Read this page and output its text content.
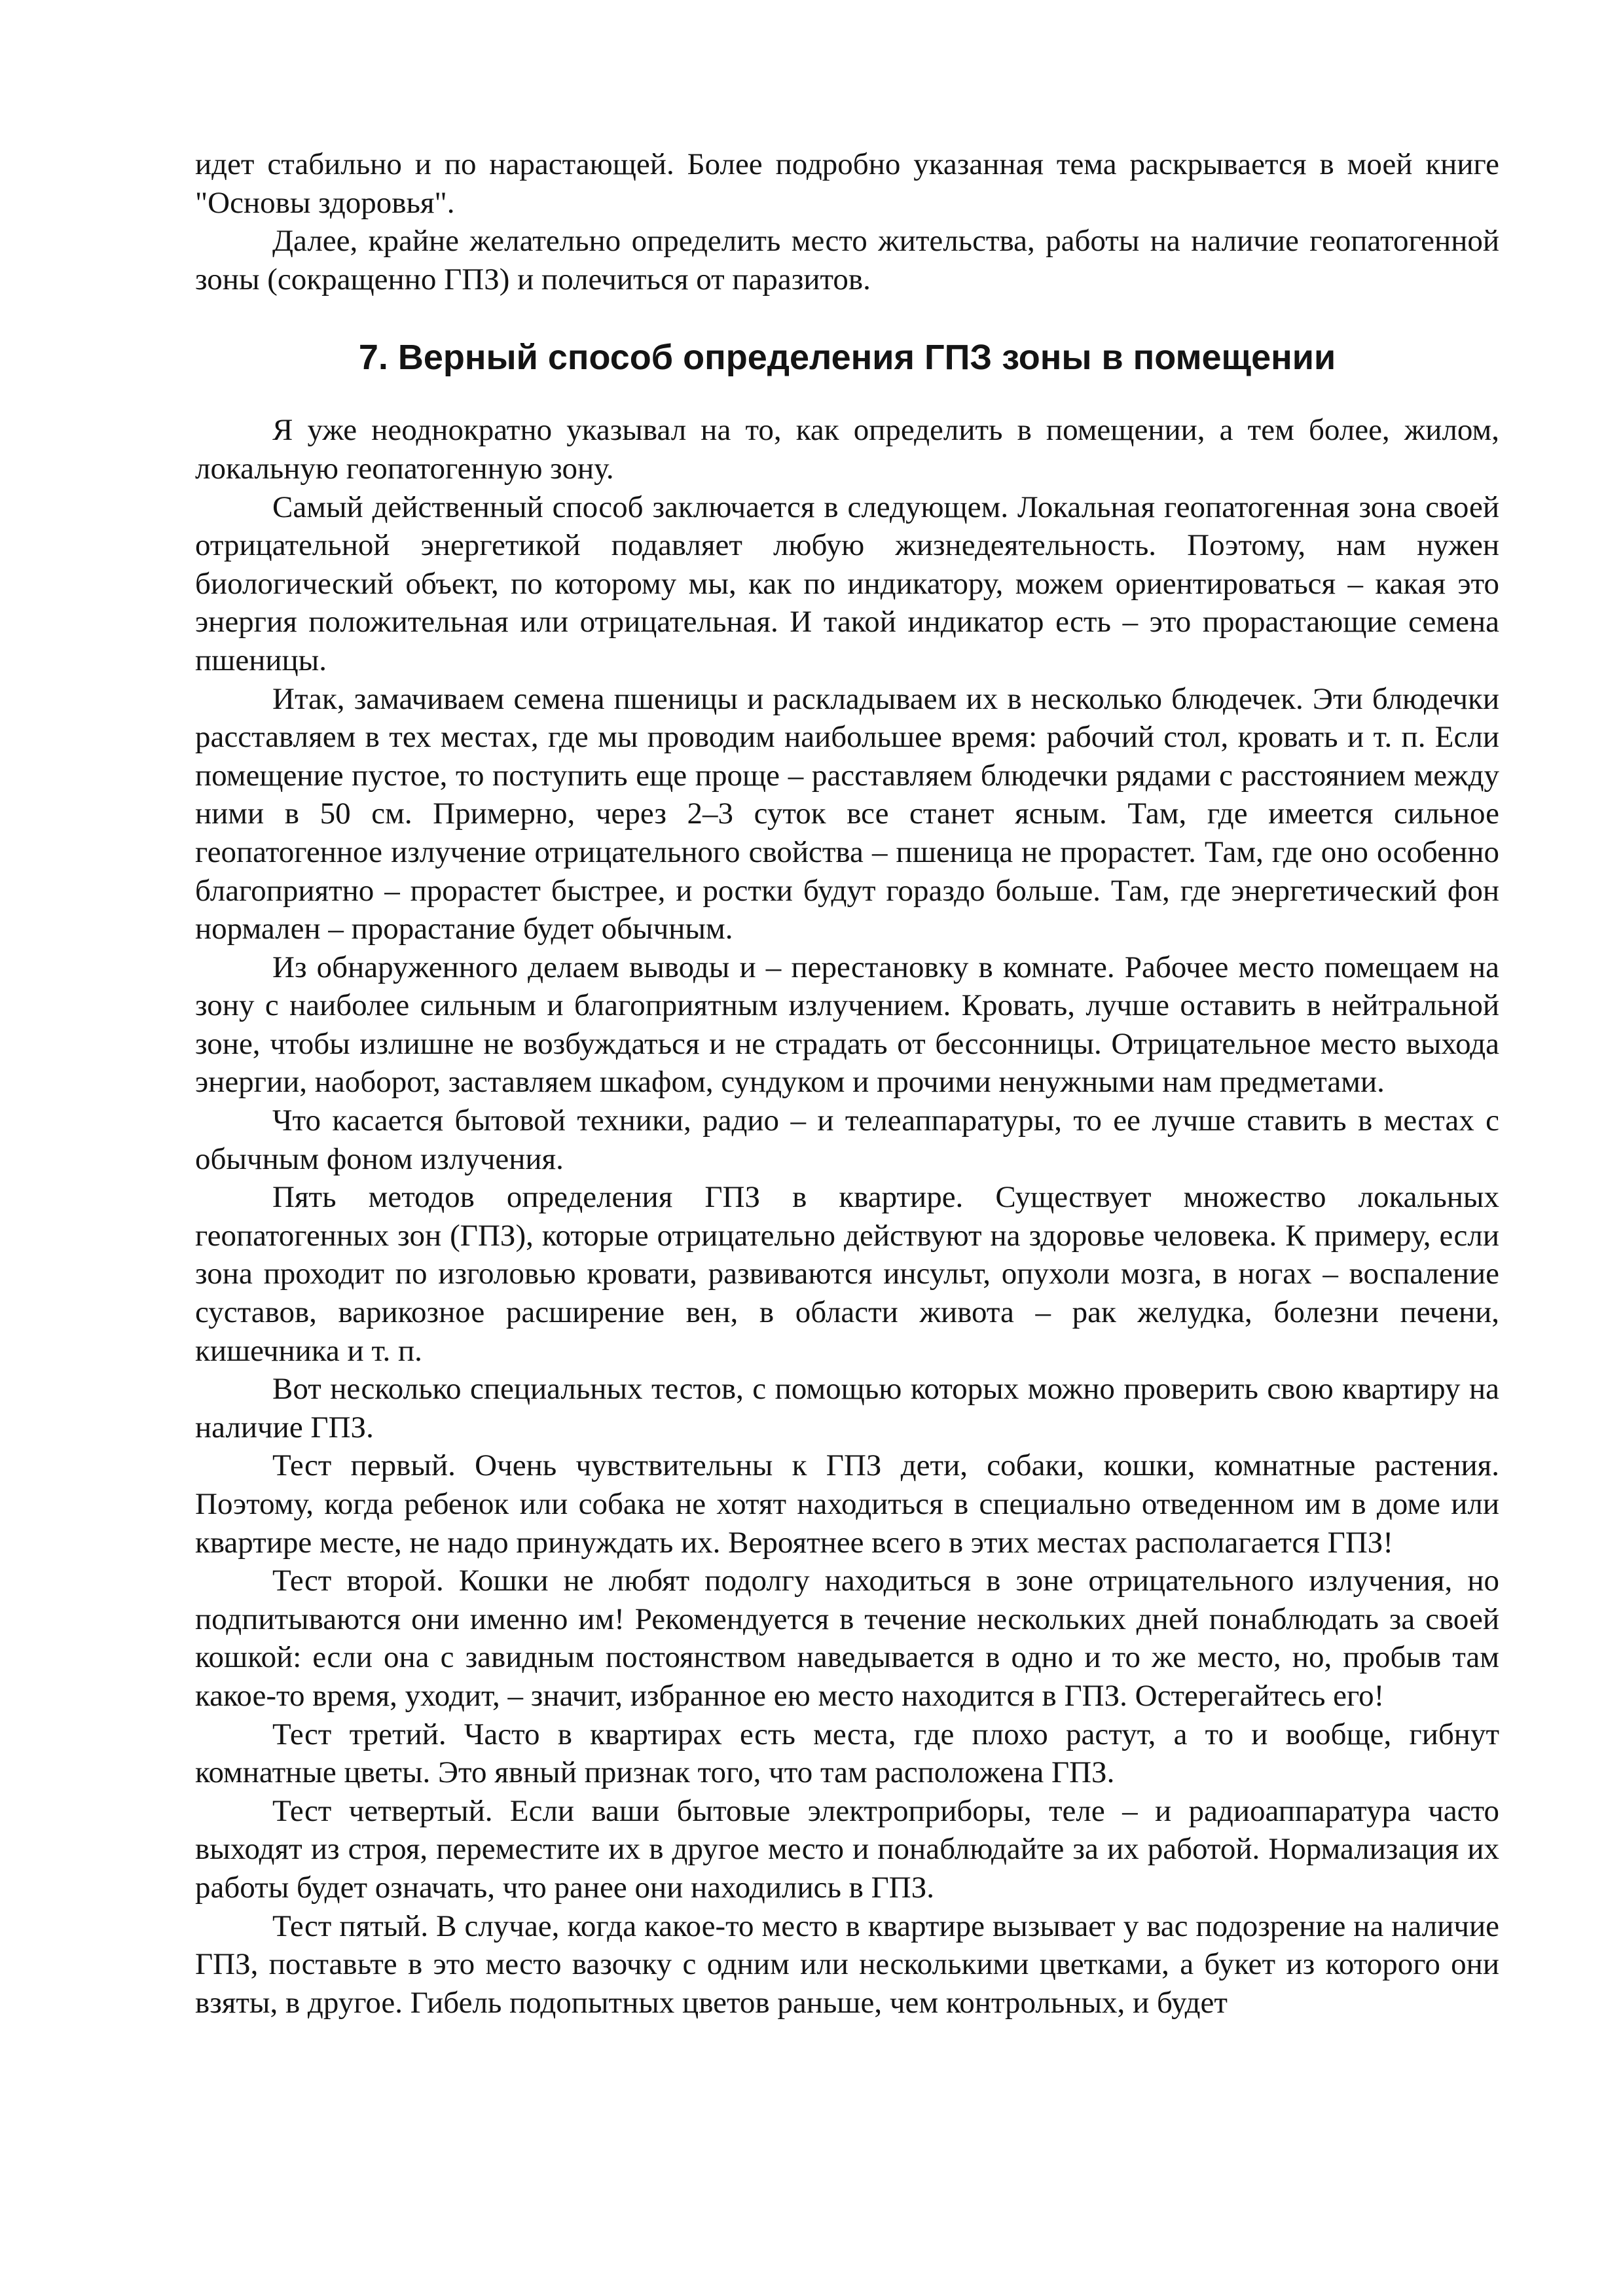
идет стабильно и по нарастающей. Более подробно указанная тема раскрывается в моей книге "Основы здоровья".

Далее, крайне желательно определить место жительства, работы на наличие геопатогенной зоны (сокращенно ГПЗ) и полечиться от паразитов.

7. Верный способ определения ГПЗ зоны в помещении

Я уже неоднократно указывал на то, как определить в помещении, а тем более, жилом, локальную геопатогенную зону.

Самый действенный способ заключается в следующем. Локальная геопатогенная зона своей отрицательной энергетикой подавляет любую жизнедеятельность. Поэтому, нам нужен биологический объект, по которому мы, как по индикатору, можем ориентироваться – какая это энергия положительная или отрицательная. И такой индикатор есть – это прорастающие семена пшеницы.

Итак, замачиваем семена пшеницы и раскладываем их в несколько блюдечек. Эти блюдечки расставляем в тех местах, где мы проводим наибольшее время: рабочий стол, кровать и т. п. Если помещение пустое, то поступить еще проще – расставляем блюдечки рядами с расстоянием между ними в 50 см. Примерно, через 2–3 суток все станет ясным. Там, где имеется сильное геопатогенное излучение отрицательного свойства – пшеница не прорастет. Там, где оно особенно благоприятно – прорастет быстрее, и ростки будут гораздо больше. Там, где энергетический фон нормален – прорастание будет обычным.

Из обнаруженного делаем выводы и – перестановку в комнате. Рабочее место помещаем на зону с наиболее сильным и благоприятным излучением. Кровать, лучше оставить в нейтральной зоне, чтобы излишне не возбуждаться и не страдать от бессонницы. Отрицательное место выхода энергии, наоборот, заставляем шкафом, сундуком и прочими ненужными нам предметами.

Что касается бытовой техники, радио – и телеаппаратуры, то ее лучше ставить в местах с обычным фоном излучения.

Пять методов определения ГПЗ в квартире. Существует множество локальных геопатогенных зон (ГПЗ), которые отрицательно действуют на здоровье человека. К примеру, если зона проходит по изголовью кровати, развиваются инсульт, опухоли мозга, в ногах – воспаление суставов, варикозное расширение вен, в области живота – рак желудка, болезни печени, кишечника и т. п.

Вот несколько специальных тестов, с помощью которых можно проверить свою квартиру на наличие ГПЗ.

Тест первый. Очень чувствительны к ГПЗ дети, собаки, кошки, комнатные растения. Поэтому, когда ребенок или собака не хотят находиться в специально отведенном им в доме или квартире месте, не надо принуждать их. Вероятнее всего в этих местах располагается ГПЗ!

Тест второй. Кошки не любят подолгу находиться в зоне отрицательного излучения, но подпитываются они именно им! Рекомендуется в течение нескольких дней понаблюдать за своей кошкой: если она с завидным постоянством наведывается в одно и то же место, но, пробыв там какое-то время, уходит, – значит, избранное ею место находится в ГПЗ. Остерегайтесь его!

Тест третий. Часто в квартирах есть места, где плохо растут, а то и вообще, гибнут комнатные цветы. Это явный признак того, что там расположена ГПЗ.

Тест четвертый. Если ваши бытовые электроприборы, теле – и радиоаппаратура часто выходят из строя, переместите их в другое место и понаблюдайте за их работой. Нормализация их работы будет означать, что ранее они находились в ГПЗ.

Тест пятый. В случае, когда какое-то место в квартире вызывает у вас подозрение на наличие ГПЗ, поставьте в это место вазочку с одним или несколькими цветками, а букет из которого они взяты, в другое. Гибель подопытных цветов раньше, чем контрольных, и будет
